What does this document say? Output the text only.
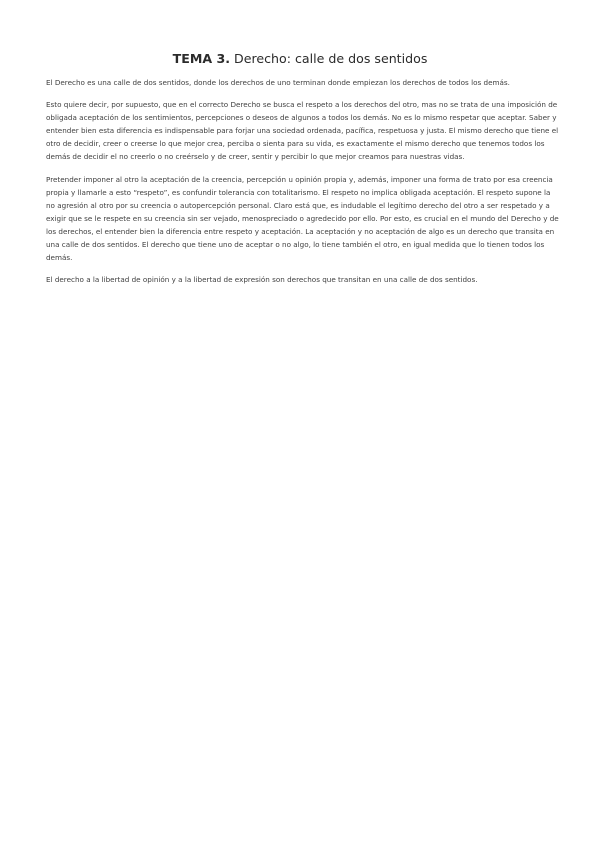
TEMA 3. Derecho: calle de dos sentidos

El Derecho es una calle de dos sentidos, donde los derechos de uno terminan donde empiezan los derechos de todos los demás.

Esto quiere decir, por supuesto, que en el correcto Derecho se busca el respeto a los derechos del otro, mas no se trata de una imposición de obligada aceptación de los sentimientos, percepciones o deseos de algunos a todos los demás. No es lo mismo respetar que aceptar. Saber y entender bien esta diferencia es indispensable para forjar una sociedad ordenada, pacífica, respetuosa y justa. El mismo derecho que tiene el otro de decidir, creer o creerse lo que mejor crea, perciba o sienta para su vida, es exactamente el mismo derecho que tenemos todos los demás de decidir el no creerlo o no creérselo y de creer, sentir y percibir lo que mejor creamos para nuestras vidas.

Pretender imponer al otro la aceptación de la creencia, percepción u opinión propia y, además, imponer una forma de trato por esa creencia propia y llamarle a esto “respeto”, es confundir tolerancia con totalitarismo. El respeto no implica obligada aceptación. El respeto supone la no agresión al otro por su creencia o autopercepción personal. Claro está que, es indudable el legítimo derecho del otro a ser respetado y a exigir que se le respete en su creencia sin ser vejado, menospreciado o agredecido por ello. Por esto, es crucial en el mundo del Derecho y de los derechos, el entender bien la diferencia entre respeto y aceptación. La aceptación y no aceptación de algo es un derecho que transita en una calle de dos sentidos. El derecho que tiene uno de aceptar o no algo, lo tiene también el otro, en igual medida que lo tienen todos los demás.

El derecho a la libertad de opinión y a la libertad de expresión son derechos que transitan en una calle de dos sentidos.
